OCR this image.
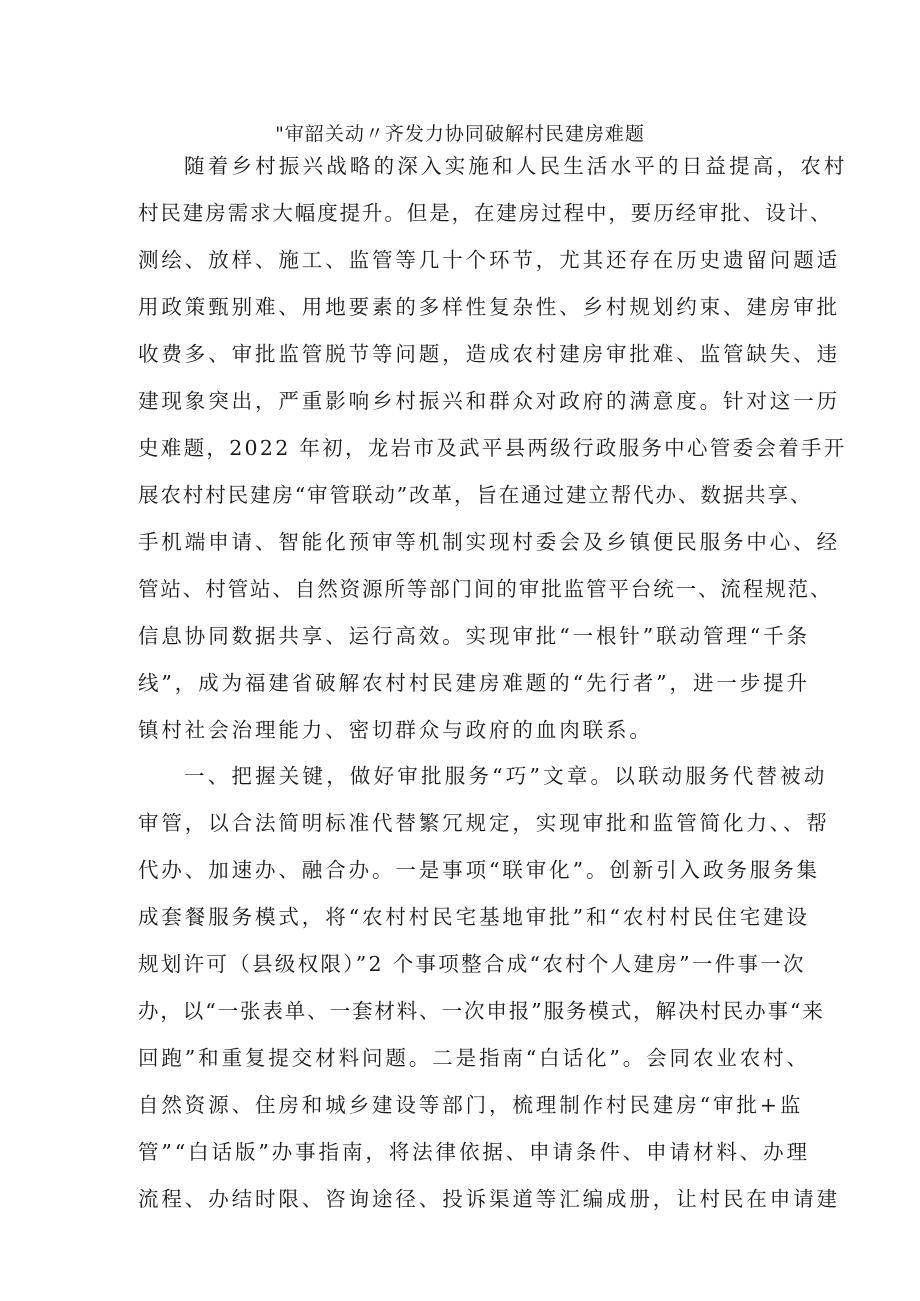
"审韶关动〃齐发力协同破解村民建房难题
随着乡村振兴战略的深入实施和人民生活水平的日益提高，农村
村民建房需求大幅度提升。但是，在建房过程中，要历经审批、设计、
测绘、放样、施工、监管等几十个环节，尤其还存在历史遗留问题适
用政策甄别难、用地要素的多样性复杂性、乡村规划约束、建房审批
收费多、审批监管脱节等问题，造成农村建房审批难、监管缺失、违
建现象突出，严重影响乡村振兴和群众对政府的满意度。针对这一历
史难题，2022 年初，龙岩市及武平县两级行政服务中心管委会着手开
展农村村民建房“审管联动”改革，旨在通过建立帮代办、数据共享、
手机端申请、智能化预审等机制实现村委会及乡镇便民服务中心、经
管站、村管站、自然资源所等部门间的审批监管平台统一、流程规范、
信息协同数据共享、运行高效。实现审批“一根针”联动管理“千条
线”，成为福建省破解农村村民建房难题的“先行者”，进一步提升
镇村社会治理能力、密切群众与政府的血肉联系。
一、把握关键，做好审批服务“巧”文章。以联动服务代替被动
审管，以合法简明标准代替繁冗规定，实现审批和监管简化力、、帮
代办、加速办、融合办。一是事项“联审化”。创新引入政务服务集
成套餐服务模式，将“农村村民宅基地审批”和“农村村民住宅建设
规划许可（县级权限）”2 个事项整合成“农村个人建房”一件事一次
办，以“一张表单、一套材料、一次申报”服务模式，解决村民办事“来
回跑”和重复提交材料问题。二是指南“白话化”。会同农业农村、
自然资源、住房和城乡建设等部门，梳理制作村民建房“审批+监
管”“白话版”办事指南，将法律依据、申请条件、申请材料、办理
流程、办结时限、咨询途径、投诉渠道等汇编成册，让村民在申请建
